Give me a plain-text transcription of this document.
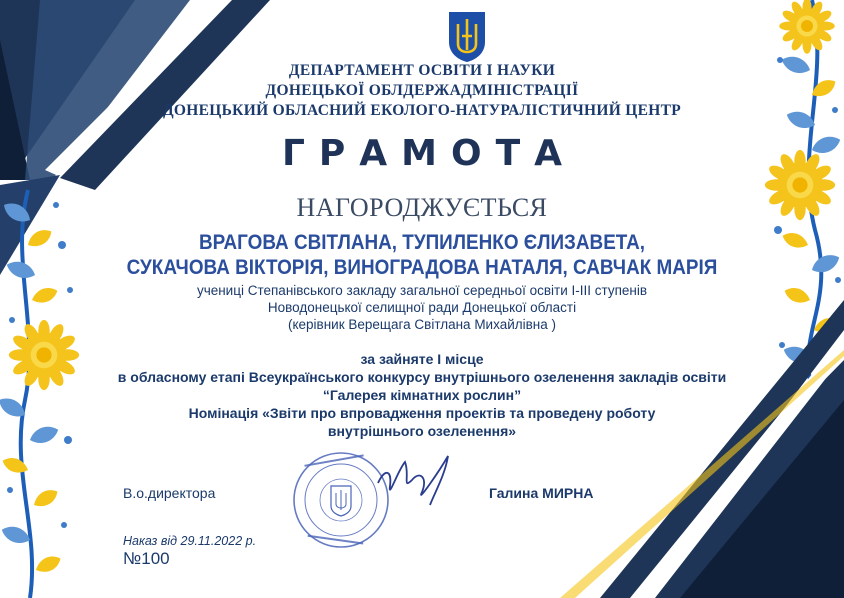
ДЕПАРТАМЕНТ ОСВІТИ І НАУКИ
ДОНЕЦЬКОЇ ОБЛДЕРЖАДМІНІСТРАЦІЇ
ДОНЕЦЬКИЙ ОБЛАСНИЙ ЕКОЛОГО-НАТУРАЛІСТИЧНИЙ ЦЕНТР
ГРАМОТА
НАГОРОДЖУЄТЬСЯ
ВРАГОВА СВІТЛАНА, ТУПИЛЕНКО ЄЛИЗАВЕТА,
СУКАЧОВА ВІКТОРІЯ, ВИНОГРАДОВА НАТАЛЯ, САВЧАК МАРІЯ
учениці Степанівського закладу загальної середньої освіти І-ІІІ ступенів
Новодонецької селищної ради Донецької області
(керівник Верещага Світлана Михайлівна )
за зайняте І місце
в обласному етапі Всеукраїнського конкурсу внутрішнього озеленення закладів освіти
“Галерея кімнатних рослин”
Номінація «Звіти про впровадження проектів та проведену роботу
внутрішнього озеленення»
В.о.директора	Галина МИРНА
Наказ від 29.11.2022 р.
№100
